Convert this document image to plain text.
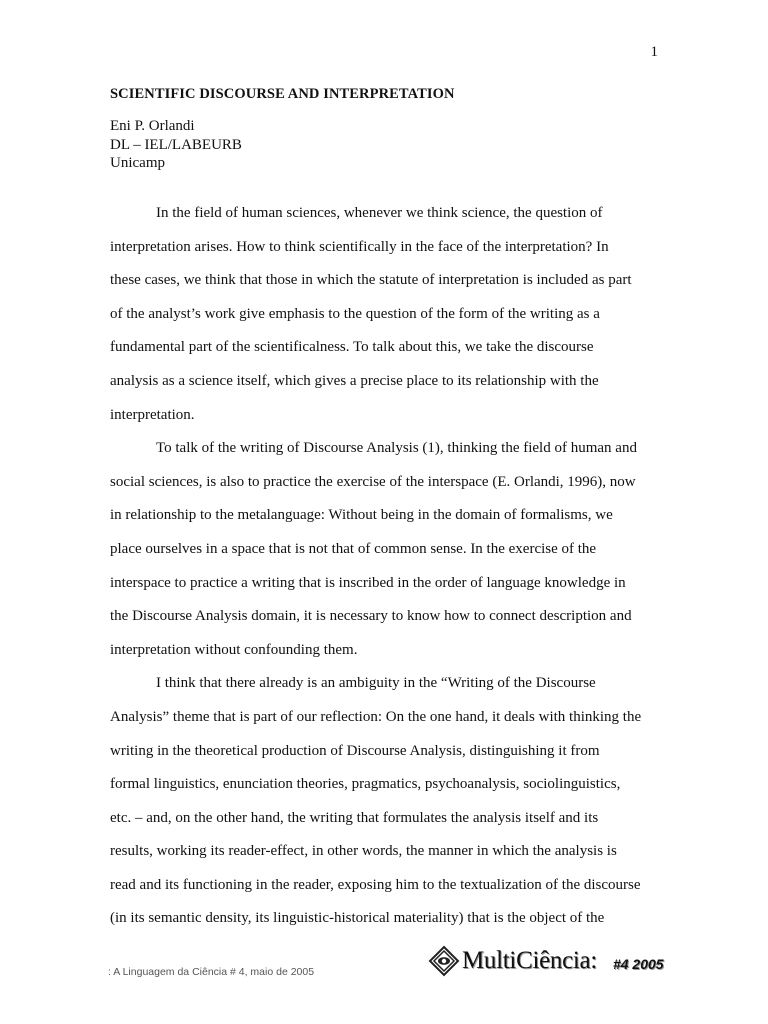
1
SCIENTIFIC DISCOURSE AND INTERPRETATION
Eni P. Orlandi
DL – IEL/LABEURB
Unicamp
In the field of human sciences, whenever we think science, the question of
interpretation arises. How to think scientifically in the face of the interpretation? In
these cases, we think that those in which the statute of interpretation is included as part
of the analyst’s work give emphasis to the question of the form of the writing as a
fundamental part of the scientificalness. To talk about this, we take the discourse
analysis as a science itself, which gives a precise place to its relationship with the
interpretation.
To talk of the writing of Discourse Analysis (1), thinking the field of human and
social sciences, is also to practice the exercise of the interspace (E. Orlandi, 1996), now
in relationship to the metalanguage: Without being in the domain of formalisms, we
place ourselves in a space that is not that of common sense. In the exercise of the
interspace to practice a writing that is inscribed in the order of language knowledge in
the Discourse Analysis domain, it is necessary to know how to connect description and
interpretation without confounding them.
I think that there already is an ambiguity in the “Writing of the Discourse
Analysis” theme that is part of our reflection: On the one hand, it deals with thinking the
writing in the theoretical production of Discourse Analysis, distinguishing it from
formal linguistics, enunciation theories, pragmatics, psychoanalysis, sociolinguistics,
etc. – and, on the other hand, the writing that formulates the analysis itself and its
results, working its reader-effect, in other words, the manner in which the analysis is
read and its functioning in the reader, exposing him to the textualization of the discourse
(in its semantic density, its linguistic-historical materiality) that is the object of the
: A Linguagem da Ciência # 4, maio de 2005	MultiCiência: #4 2005
